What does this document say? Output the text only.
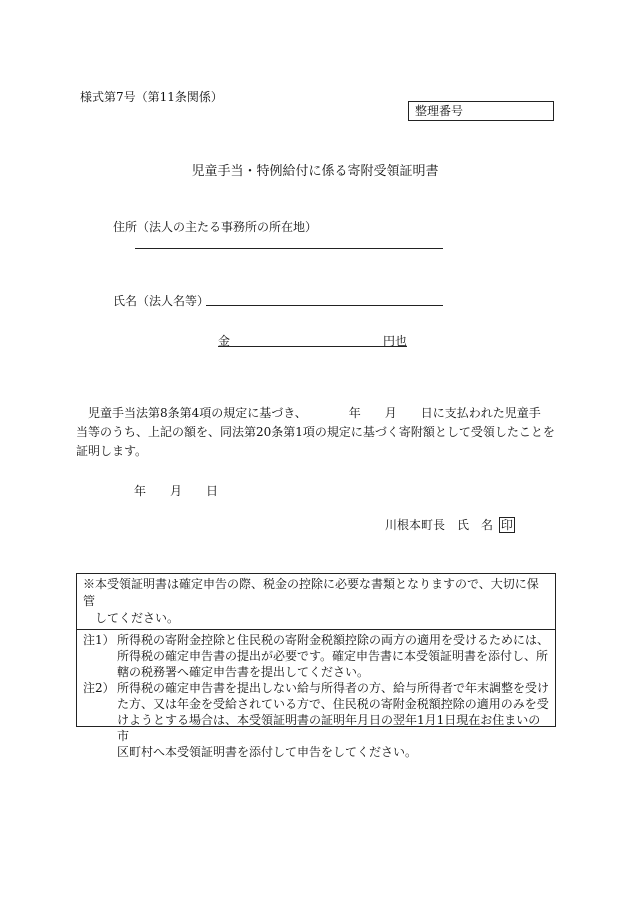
様式第7号（第11条関係）
整理番号
児童手当・特例給付に係る寄附受領証明書
住所（法人の主たる事務所の所在地）
氏名（法人名等）
金	円也

　児童手当法第8条第4項の規定に基づき、　　　　年　　月　　日に支払われた児童手

当等のうち、上記の額を、同法第20条第1項の規定に基づく寄附額として受領したことを

証明します。

年 月 日
川根本町長　氏　名 印
※本受領証明書は確定申告の際、税金の控除に必要な書類となりますので、大切に保管
してください。
注1） 所得税の寄附金控除と住民税の寄附金税額控除の両方の適用を受けるためには、
所得税の確定申告書の提出が必要です。確定申告書に本受領証明書を添付し、所
轄の税務署へ確定申告書を提出してください。
注2） 所得税の確定申告書を提出しない給与所得者の方、給与所得者で年末調整を受け
た方、又は年金を受給されている方で、住民税の寄附金税額控除の適用のみを受
けようとする場合は、本受領証明書の証明年月日の翌年1月1日現在お住まいの市
区町村へ本受領証明書を添付して申告をしてください。
